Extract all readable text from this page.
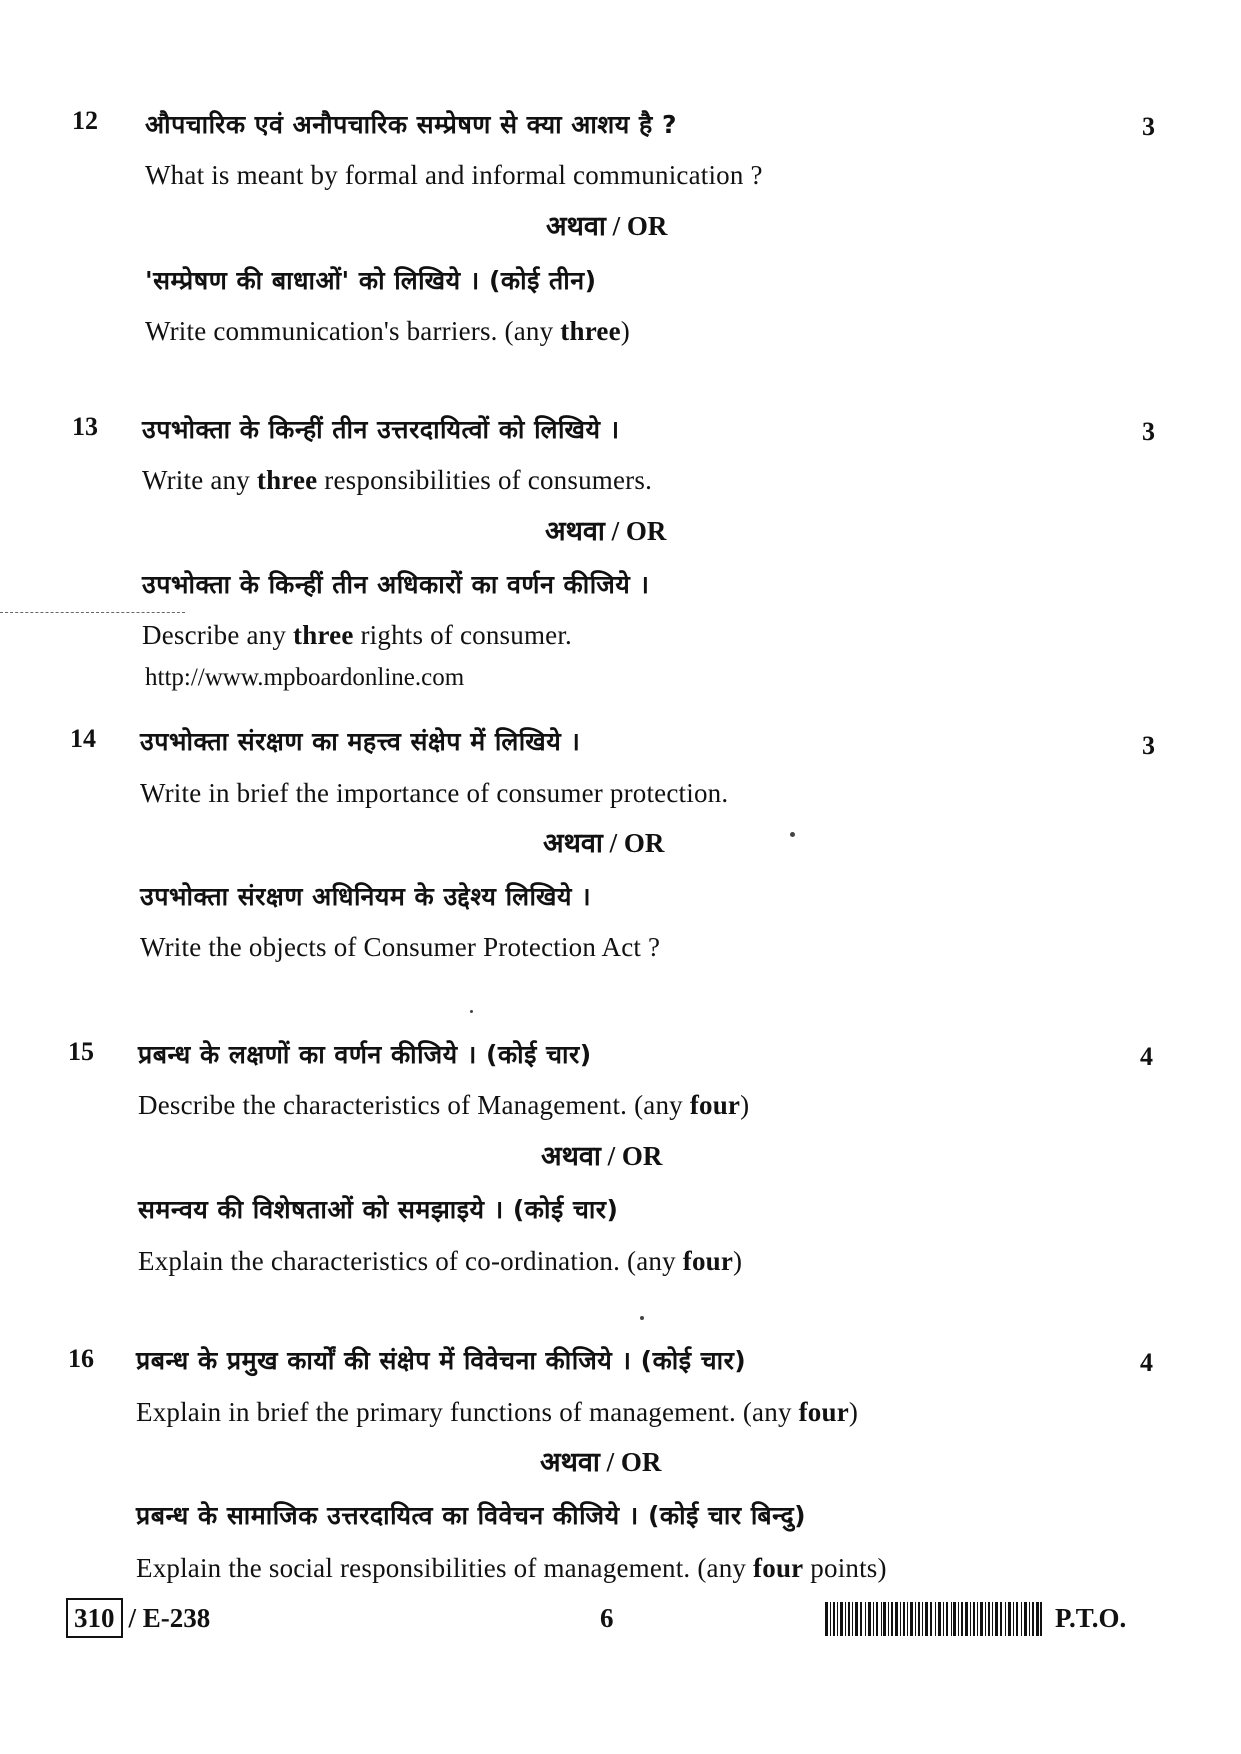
12 औपचारिक एवं अनौपचारिक सम्प्रेषण से क्या आशय है ?	3
What is meant by formal and informal communication ?
अथवा / OR
'सम्प्रेषण की बाधाओं' को लिखिये । (कोई तीन)
Write communication's barriers. (any three)
13 उपभोक्ता के किन्हीं तीन उत्तरदायित्वों को लिखिये ।	3
Write any three responsibilities of consumers.
अथवा / OR
उपभोक्ता के किन्हीं तीन अधिकारों का वर्णन कीजिये ।
Describe any three rights of consumer.
http://www.mpboardonline.com
14 उपभोक्ता संरक्षण का महत्त्व संक्षेप में लिखिये ।	3
Write in brief the importance of consumer protection.
अथवा / OR
उपभोक्ता संरक्षण अधिनियम के उद्देश्य लिखिये ।
Write the objects of Consumer Protection Act ?
15 प्रबन्ध के लक्षणों का वर्णन कीजिये । (कोई चार)	4
Describe the characteristics of Management. (any four)
अथवा / OR
समन्वय की विशेषताओं को समझाइये । (कोई चार)
Explain the characteristics of co-ordination. (any four)
16 प्रबन्ध के प्रमुख कार्यों की संक्षेप में विवेचना कीजिये । (कोई चार)	4
Explain in brief the primary functions of management. (any four)
अथवा / OR
प्रबन्ध के सामाजिक उत्तरदायित्व का विवेचन कीजिये । (कोई चार बिन्दु)
Explain the social responsibilities of management. (any four points)
310 / E-238	6	P.T.O.
